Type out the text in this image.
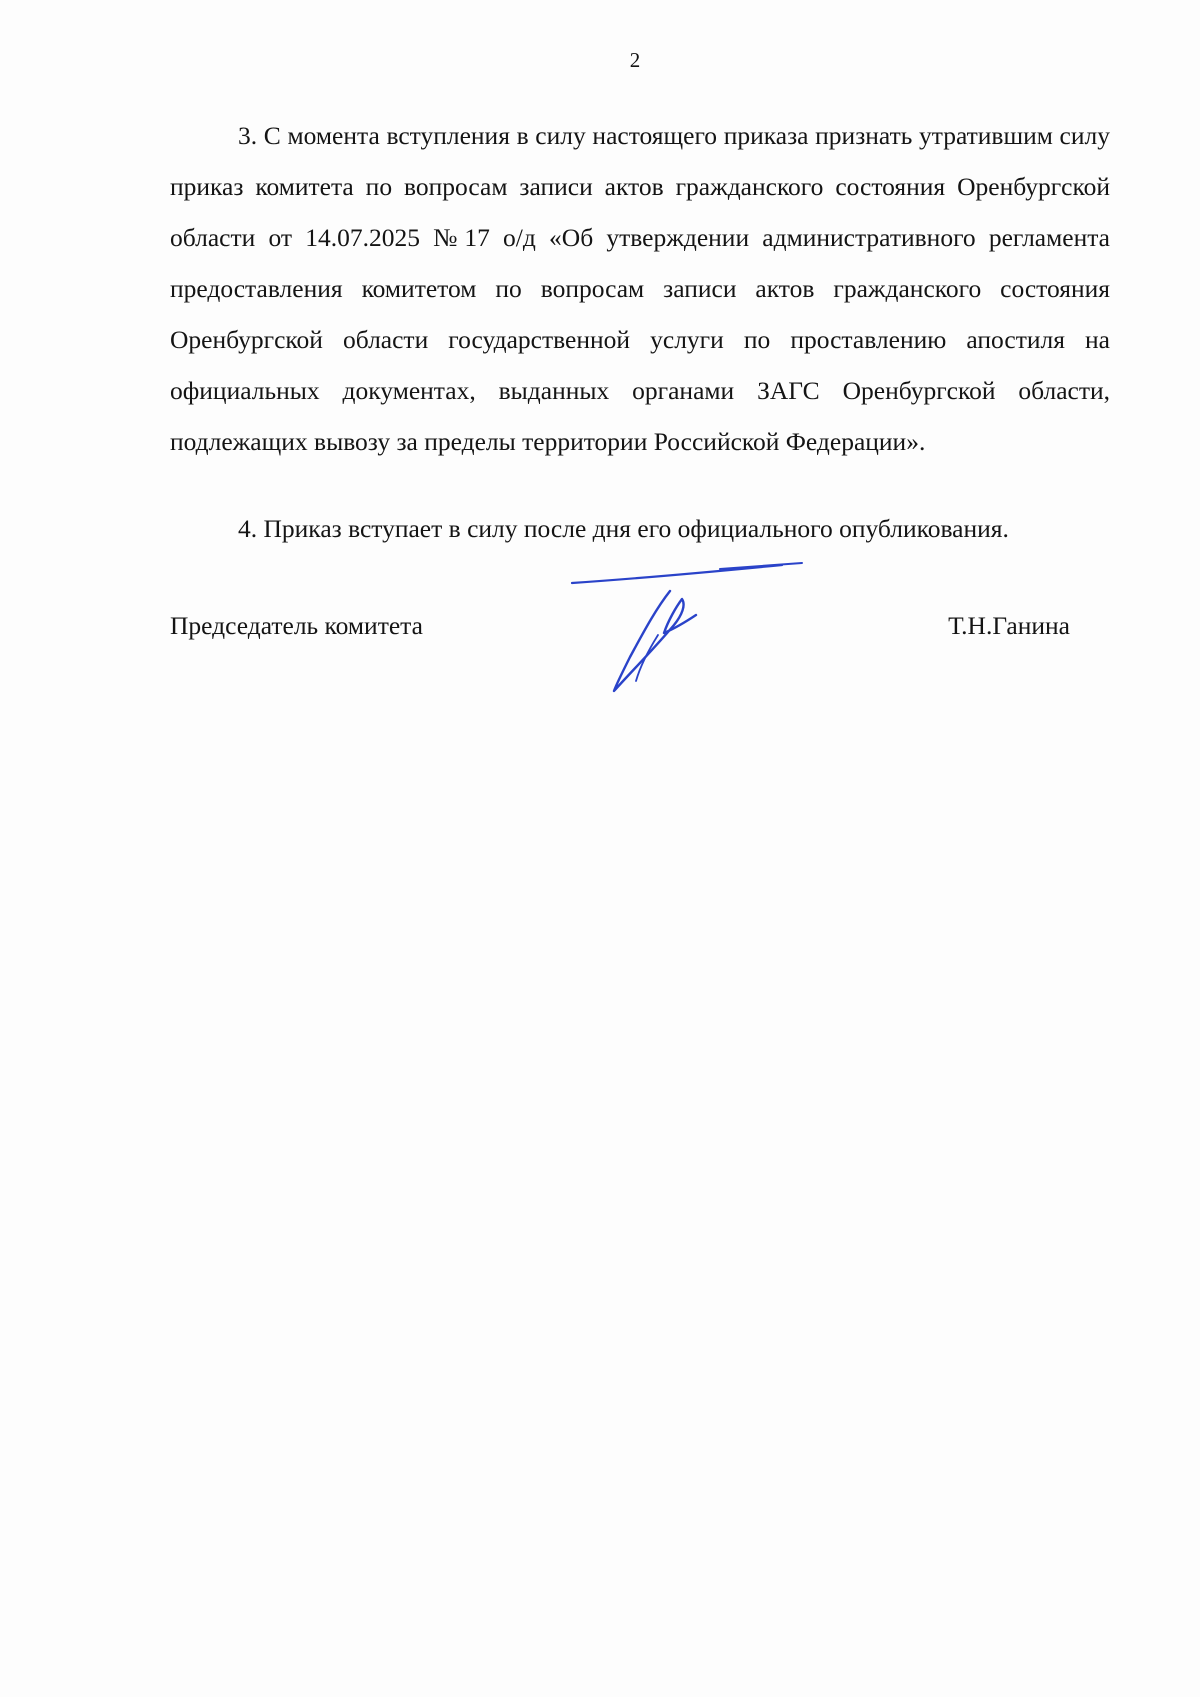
2

3. С момента вступления в силу настоящего приказа признать утратившим силу приказ комитета по вопросам записи актов гражданского состояния Оренбургской области от 14.07.2025 №17 о/д «Об утверждении административного регламента предоставления комитетом по вопросам записи актов гражданского состояния Оренбургской области государственной услуги по проставлению апостиля на официальных документах, выданных органами ЗАГС Оренбургской области, подлежащих вывозу за пределы территории Российской Федерации».

4. Приказ вступает в силу после дня его официального опубликования.

Председатель комитета	Т.Н.Ганина
